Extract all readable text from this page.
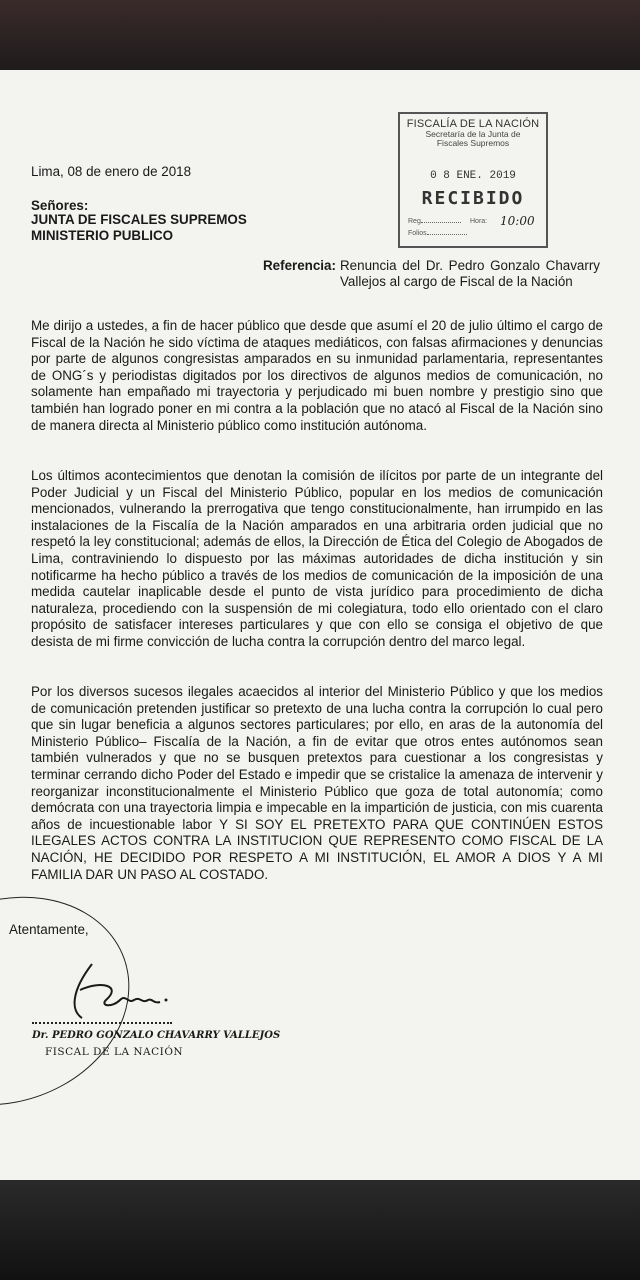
FISCALÍA DE LA NACIÓN
Secretaría de la Junta de
Fiscales Supremos
0 8 ENE. 2019
RECIBIDO
Reg	Hora: 10:00
Folios
Lima, 08 de enero de 2018
Señores:
JUNTA DE FISCALES SUPREMOS
MINISTERIO PUBLICO
Referencia: Renuncia del Dr. Pedro Gonzalo Chavarry Vallejos al cargo de Fiscal de la Nación
Me dirijo a ustedes, a fin de hacer público que desde que asumí el 20 de julio último el cargo de Fiscal de la Nación he sido víctima de ataques mediáticos, con falsas afirmaciones y denuncias por parte de algunos congresistas amparados en su inmunidad parlamentaria, representantes de ONG´s y periodistas digitados por los directivos de algunos medios de comunicación, no solamente han empañado mi trayectoria y perjudicado mi buen nombre y prestigio sino que también han logrado poner en mi contra a la población que no atacó al Fiscal de la Nación sino de manera directa al Ministerio público como institución autónoma.
Los últimos acontecimientos que denotan la comisión de ilícitos por parte de un integrante del Poder Judicial y un Fiscal del Ministerio Público, popular en los medios de comunicación mencionados, vulnerando la prerrogativa que tengo constitucionalmente, han irrumpido en las instalaciones de la Fiscalía de la Nación amparados en una arbitraria orden judicial que no respetó la ley constitucional; además de ellos, la Dirección de Ética del Colegio de Abogados de Lima, contraviniendo lo dispuesto por las máximas autoridades de dicha institución y sin notificarme ha hecho público a través de los medios de comunicación de la imposición de una medida cautelar inaplicable desde el punto de vista jurídico para procedimiento de dicha naturaleza, procediendo con la suspensión de mi colegiatura, todo ello orientado con el claro propósito de satisfacer intereses particulares y que con ello se consiga el objetivo de que desista de mi firme convicción de lucha contra la corrupción dentro del marco legal.
Por los diversos sucesos ilegales acaecidos al interior del Ministerio Público y que los medios de comunicación pretenden justificar so pretexto de una lucha contra la corrupción lo cual pero que sin lugar beneficia a algunos sectores particulares; por ello, en aras de la autonomía del Ministerio Público– Fiscalía de la Nación, a fin de evitar que otros entes autónomos sean también vulnerados y que no se busquen pretextos para cuestionar a los congresistas y terminar cerrando dicho Poder del Estado e impedir que se cristalice la amenaza de intervenir y reorganizar inconstitucionalmente el Ministerio Público que goza de total autonomía; como demócrata con una trayectoria limpia e impecable en la impartición de justicia, con mis cuarenta años de incuestionable labor Y SI SOY EL PRETEXTO PARA QUE CONTINÚEN ESTOS ILEGALES ACTOS CONTRA LA INSTITUCION QUE REPRESENTO COMO FISCAL DE LA NACIÓN, HE DECIDIDO POR RESPETO A MI INSTITUCIÓN, EL AMOR A DIOS Y A MI FAMILIA DAR UN PASO AL COSTADO.
Atentamente,
Dr. PEDRO GONZALO CHAVARRY VALLEJOS
FISCAL DE LA NACIÓN
